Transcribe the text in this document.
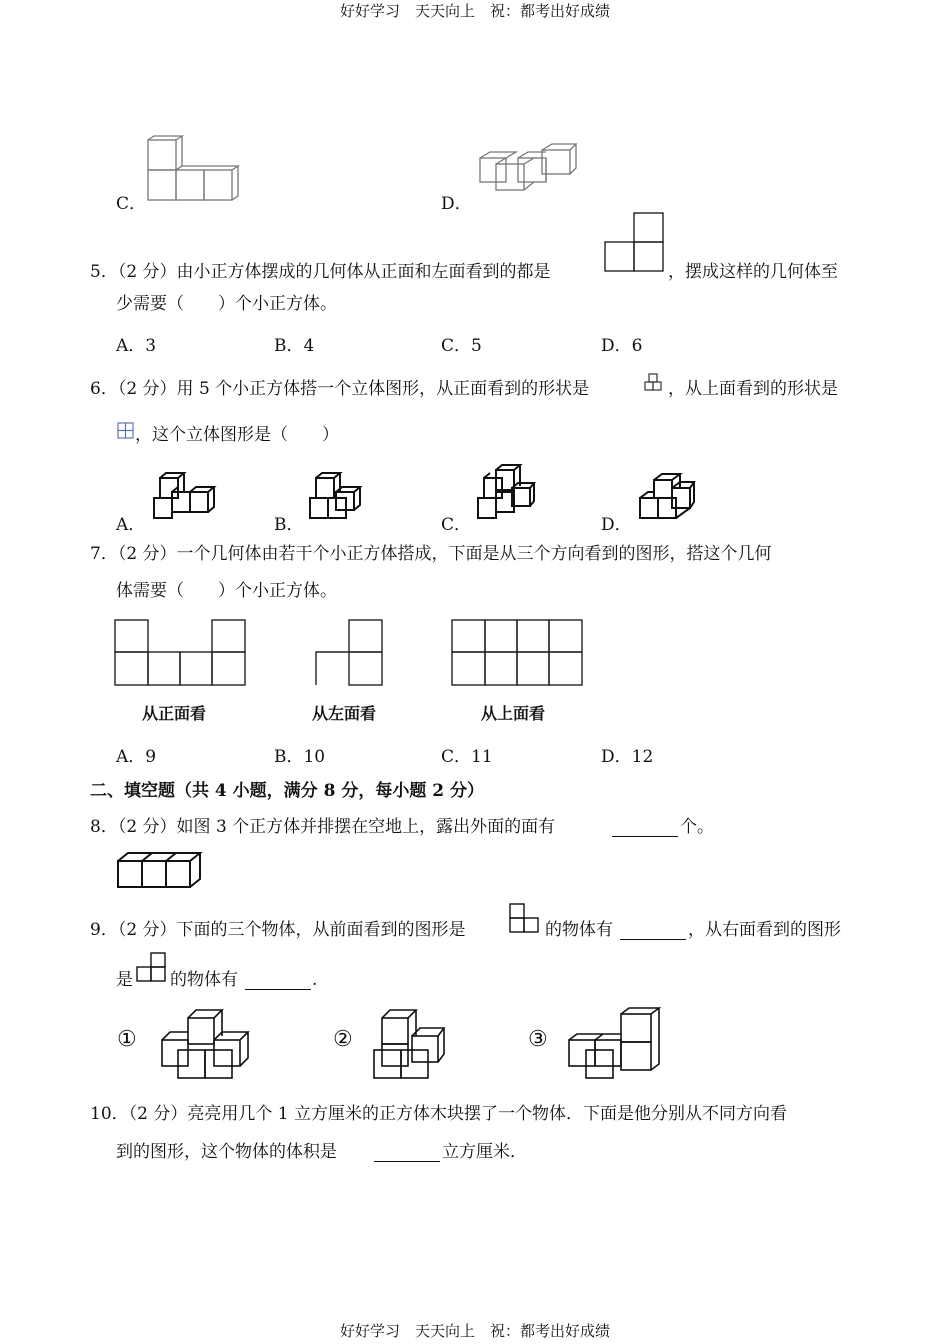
好好学习　天天向上　祝：都考出好成绩
C．	D．
5．（2 分）由小正方体摆成的几何体从正面和左面看到的都是	，摆成这样的几何体至
少需要（　　）个小正方体。
A．3	B．4	C．5	D．6
6．（2 分）用 5 个小正方体搭一个立体图形，从正面看到的形状是	，从上面看到的形状是
，这个立体图形是（　　）
A．	B．	C．	D．
7．（2 分）一个几何体由若干个小正方体搭成，下面是从三个方向看到的图形，搭这个几何
体需要（　　）个小正方体。
从正面看	从左面看	从上面看
A．9	B．10	C．11	D．12
二、填空题（共 4 小题，满分 8 分，每小题 2 分）
8．（2 分）如图 3 个正方体并排摆在空地上，露出外面的面有	个。
9．（2 分）下面的三个物体，从前面看到的图形是	的物体有	，从右面看到的图形
是 的物体有	.
①	②	③
10．（2 分）亮亮用几个 1 立方厘米的正方体木块摆了一个物体．下面是他分别从不同方向看
到的图形，这个物体的体积是	立方厘米．
好好学习　天天向上　祝：都考出好成绩
